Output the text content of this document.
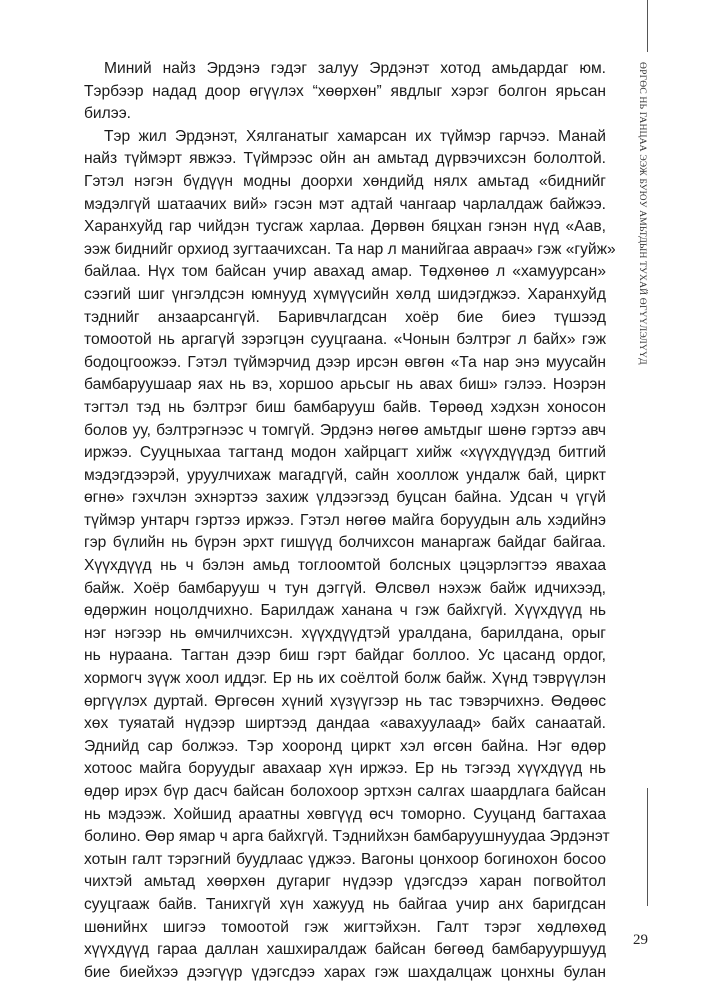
ӨРГӨС НЬ ГАНЦАА ЭЭЖ БУЮУ АМЬТДЫН ТУХАЙ ӨГҮҮЛЭЛҮҮД
Миний найз Эрдэнэ гэдэг залуу Эрдэнэт хотод амьдардаг юм.
Тэрбээр надад доор өгүүлэх “хөөрхөн” явдлыг хэрэг болгон ярьсан
билээ.
Тэр жил Эрдэнэт, Хялганатыг хамарсан их түймэр гарчээ. Манай
найз түймэрт явжээ. Түймрээс ойн ан амьтад дүрвэчихсэн бололтой.
Гэтэл нэгэн бүдүүн модны доорхи хөндийд нялх амьтад «биднийг
мэдэлгүй шатаачих вий» гэсэн мэт адтай чангаар чарлалдаж байжээ.
Харанхуйд гар чийдэн тусгаж харлаа. Дөрвөн бяцхан гэнэн нүд «Аав,
ээж биднийг орхиод зугтаачихсан. Та нар л манийгаа авраач» гэж «гуйж»
байлаа. Нүх том байсан учир авахад амар. Төдхөнөө л «хамуурсан»
сээгий шиг үнгэлдсэн юмнууд хүмүүсийн хөлд шидэгджээ. Харанхуйд
тэднийг анзаарсангүй. Баривчлагдсан хоёр бие биеэ түшээд
томоотой нь аргагүй зэрэгцэн сууцгаана. «Чонын бэлтрэг л байх» гэж
бодоцгоожээ. Гэтэл түймэрчид дээр ирсэн өвгөн «Та нар энэ муусайн
бамбаруушаар яах нь вэ, хоршоо арьсыг нь авах биш» гэлээ. Ноэрэн
тэгтэл тэд нь бэлтрэг биш бамбарууш байв. Төрөөд хэдхэн хоносон
болов уу, бэлтрэгнээс ч томгүй. Эрдэнэ нөгөө амьтдыг шөнө гэртээ авч
иржээ. Сууцныхаа тагтанд модон хайрцагт хийж «хүүхдүүдэд битгий
мэдэгдээрэй, уруулчихаж магадгүй, сайн хооллож ундалж бай, циркт
өгнө» гэхчлэн эхнэртээ захиж үлдээгээд буцсан байна. Удсан ч үгүй
түймэр унтарч гэртээ иржээ. Гэтэл нөгөө майга боруудын аль хэдийнэ
гэр бүлийн нь бүрэн эрхт гишүүд болчихсон манаргаж байдаг байгаа.
Хүүхдүүд нь ч бэлэн амьд тоглоомтой болсных цэцэрлэгтээ явахаа
байж. Хоёр бамбарууш ч тун дэггүй. Өлсвөл нэхэж байж идчихээд,
өдөржин ноцолдчихно. Барилдаж ханана ч гэж байхгүй. Хүүхдүүд нь
нэг нэгээр нь өмчилчихсэн. хүүхдүүдтэй уралдана, барилдана, орыг
нь нураана. Тагтан дээр биш гэрт байдаг боллоо. Ус цасанд ордог,
хормогч зүүж хоол иддэг. Ер нь их соёлтой болж байж. Хүнд тэврүүлэн
өргүүлэх дуртай. Өргөсөн хүний хүзүүгээр нь тас тэвэрчихнэ. Өөдөөс
хөх туяатай нүдээр ширтээд дандаа «авахуулаад» байх санаатай.
Эднийд сар болжээ. Тэр хооронд циркт хэл өгсөн байна. Нэг өдөр
хотоос майга боруудыг авахаар хүн иржээ. Ер нь тэгээд хүүхдүүд нь
өдөр ирэх бүр дасч байсан болохоор эртхэн салгах шаардлага байсан
нь мэдээж. Хойшид араатны хөвгүүд өсч томорно. Сууцанд багтахаа
болино. Өөр ямар ч арга байхгүй. Тэднийхэн бамбаруушнуудаа Эрдэнэт
хотын галт тэрэгний буудлаас үджээ. Вагоны цонхоор богинохон босоо
чихтэй амьтад хөөрхөн дугариг нүдээр үдэгсдээ харан погвойтол
сууцгааж байв. Танихгүй хүн хажууд нь байгаа учир анх баригдсан
шөнийнх шигээ томоотой гэж жигтэйхэн. Галт тэрэг хөдлөхөд
хүүхдүүд гараа даллан хашхиралдаж байсан бөгөөд бамбарууршууд
бие биейхээ дээгүүр үдэгсдээ харах гэж шахдалцаж цонхны булан
29
